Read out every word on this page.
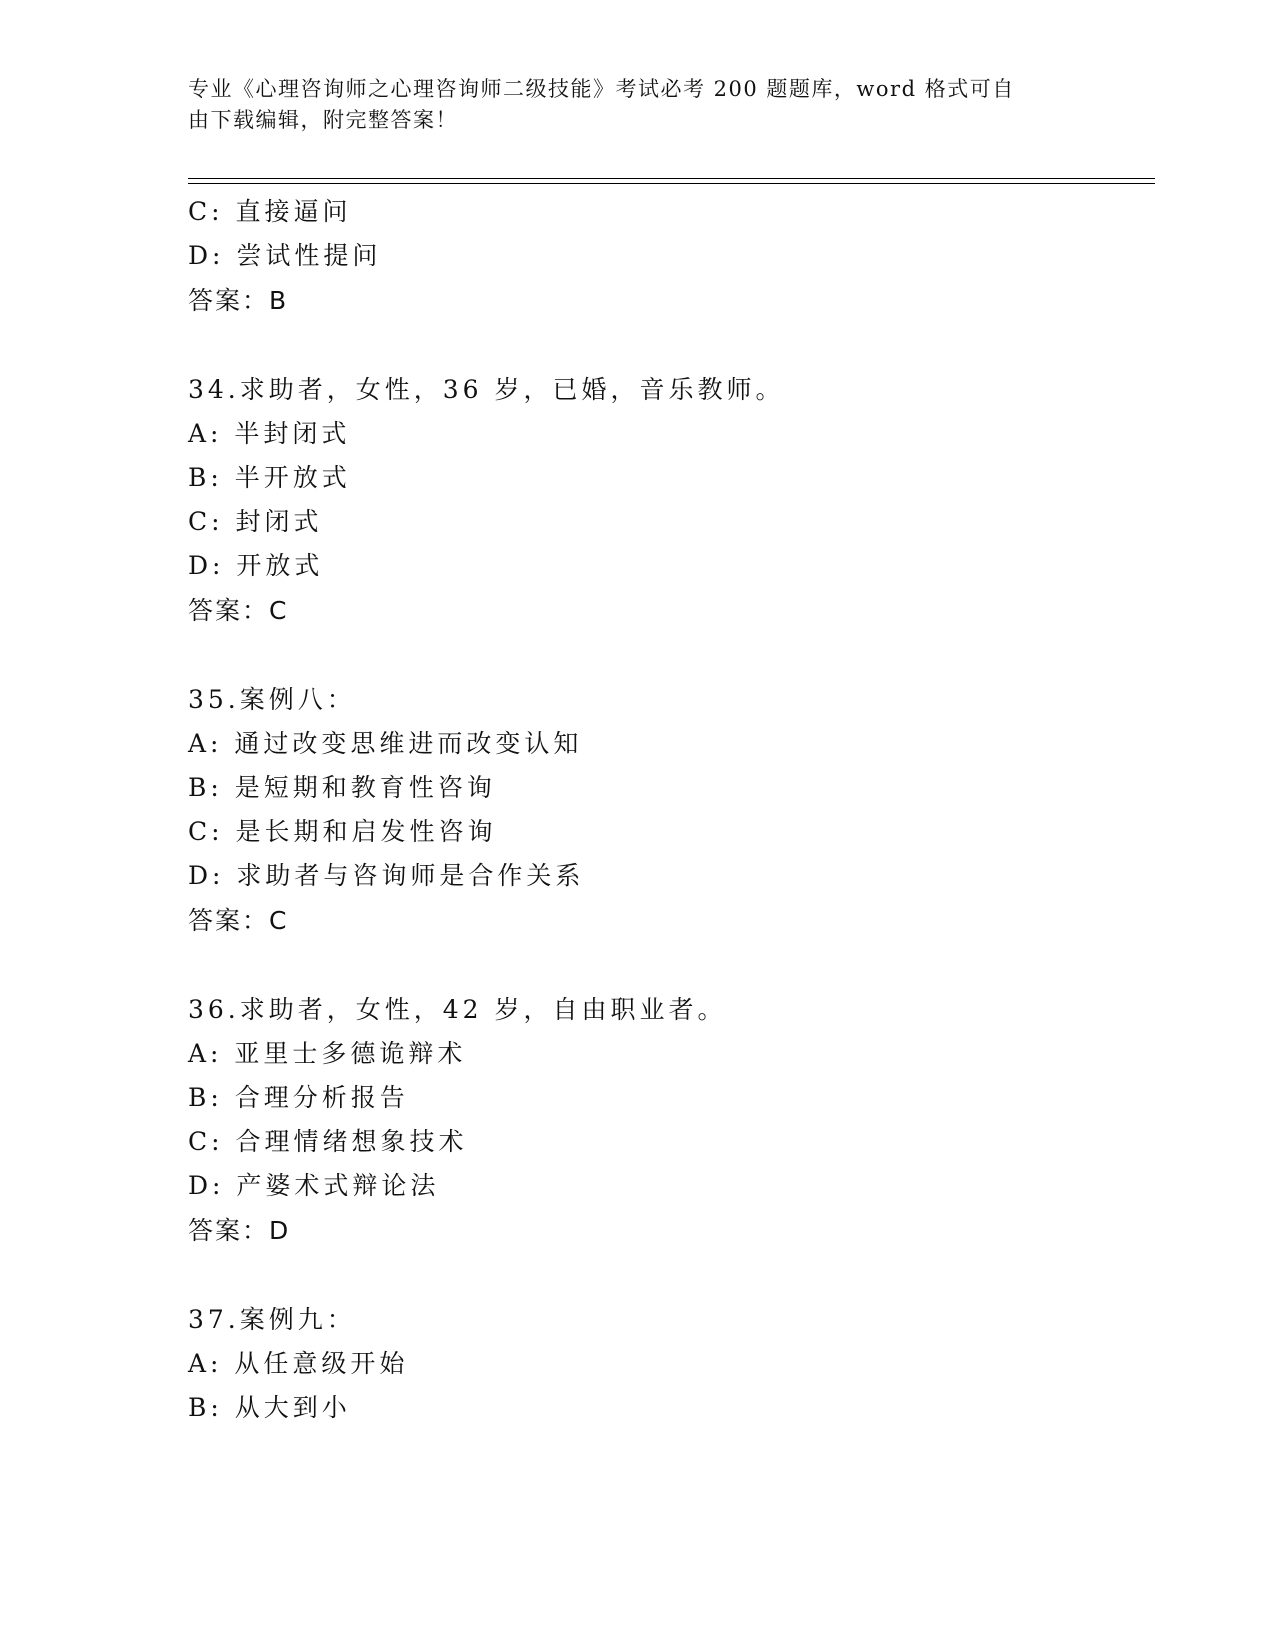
专业《心理咨询师之心理咨询师二级技能》考试必考 200 题题库，word 格式可自
由下载编辑，附完整答案！
C: 直接逼问
D: 尝试性提问
答案：B
34.求助者，女性，36 岁，已婚，音乐教师。
A: 半封闭式
B: 半开放式
C: 封闭式
D: 开放式
答案：C
35.案例八：
A: 通过改变思维进而改变认知
B: 是短期和教育性咨询
C: 是长期和启发性咨询
D: 求助者与咨询师是合作关系
答案：C
36.求助者，女性，42 岁，自由职业者。
A: 亚里士多德诡辩术
B: 合理分析报告
C: 合理情绪想象技术
D: 产婆术式辩论法
答案：D
37.案例九：
A: 从任意级开始
B: 从大到小
